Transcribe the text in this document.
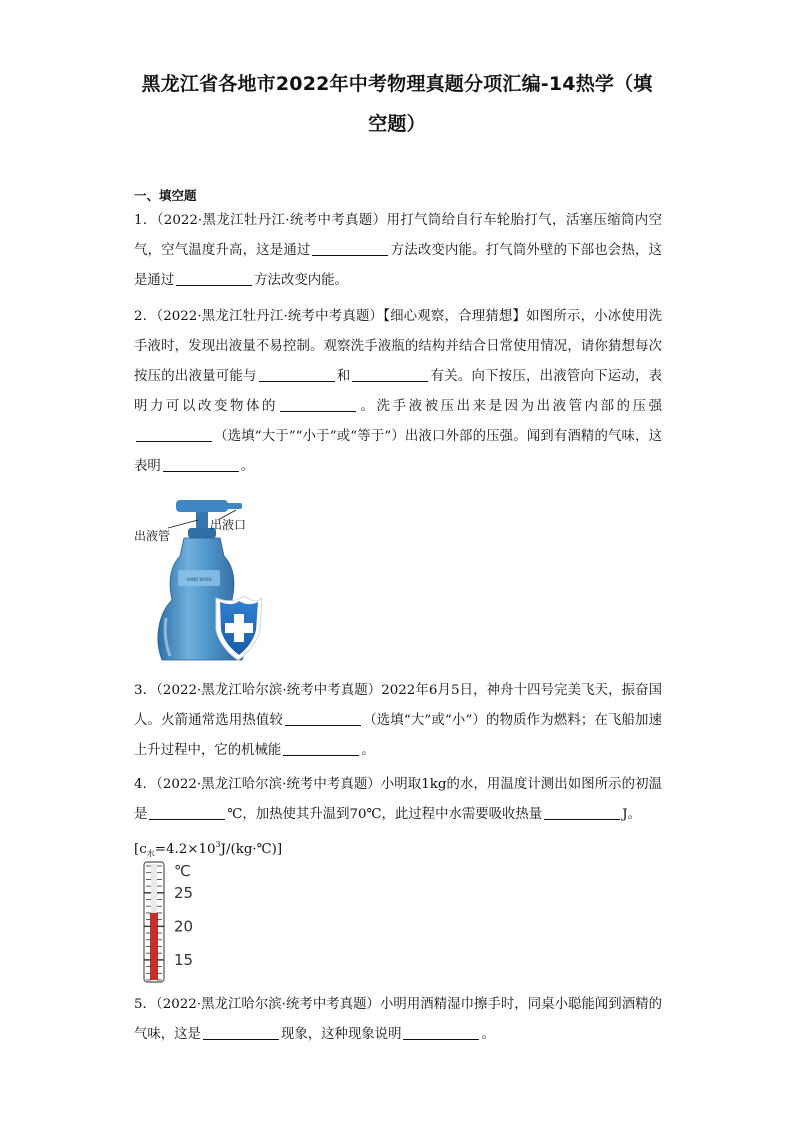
黑龙江省各地市2022年中考物理真题分项汇编-14热学（填
空题）
一、填空题
1．（2022·黑龙江牡丹江·统考中考真题）用打气筒给自行车轮胎打气，活塞压缩筒内空气，空气温度升高，这是通过	方法改变内能。打气筒外壁的下部也会热，这是通过	方法改变内能。
2．（2022·黑龙江牡丹江·统考中考真题）【细心观察，合理猜想】如图所示，小冰使用洗手液时，发现出液量不易控制。观察洗手液瓶的结构并结合日常使用情况，请你猜想每次按压的出液量可能与	和	有关。向下按压，出液管向下运动，表明力可以改变物体的	。洗手液被压出来是因为出液管内部的压强（选填“大于”“小于”或“等于”）出液口外部的压强。闻到有酒精的气味，这表明	。
HAND WASH
出液口
出液管
3．（2022·黑龙江哈尔滨·统考中考真题）2022年6月5日，神舟十四号完美飞天，振奋国人。火箭通常选用热值较	（选填“大”或“小”）的物质作为燃料；在飞船加速上升过程中，它的机械能	。
4．（2022·黑龙江哈尔滨·统考中考真题）小明取1kg的水，用温度计测出如图所示的初温是	℃，加热使其升温到70℃，此过程中水需要吸收热量	J。
$[c_水=4.2\times 10^3J/(kg\cdot℃)]$
℃
25
20
15
5．（2022·黑龙江哈尔滨·统考中考真题）小明用酒精湿巾擦手时，同桌小聪能闻到酒精的气味，这是	现象，这种现象说明	。
